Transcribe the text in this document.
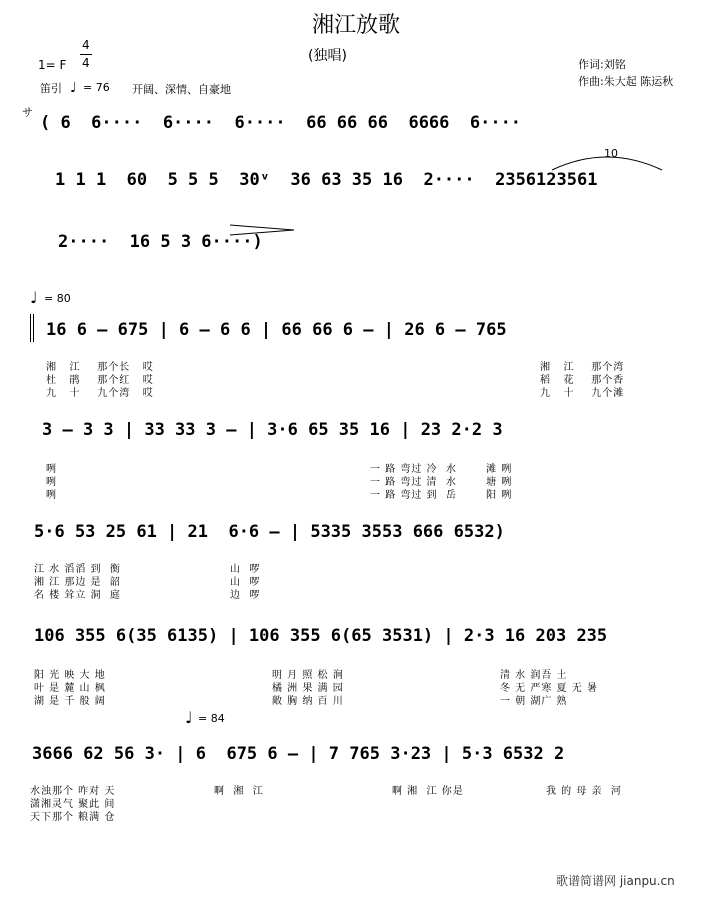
湘江放歌
(独唱)
1= F
4
4	作词:刘铭
作曲:朱大起 陈运秋
笛引 ♩ = 76 开阔、深情、自豪地
サ
( 6  6····  6····  6····  66 66 66  6666  6····
1 1 1  60  5 5 5  30ᵛ  36 63 35 16  2····  2356123561
10
2····  16 5 3 6····)
♩ = 80
16 6 – 675 | 6 – 6 6 | 66 66 6 – | 26 6 – 765
湘   江    那个长   哎	湘   江    那个湾
杜   鹃    那个红   哎	稻   花    那个香
九   十    九个湾   哎	九   十    九个滩
3 – 3 3 | 33 33 3 – | 3·6 65 35 16 | 23 2·2 3
咧	一 路 弯过 冷  水       滩 咧
咧	一 路 弯过 清  水       塘 咧
咧	一 路 弯过 到  岳       阳 咧
5·6 53 25 61 | 21  6·6 – | 5335 3553 666 6532)
江 水 滔滔 到  衡	山  啰
湘 江 那边 是  韶	山  啰
名 楼 耸立 洞  庭	边  啰
106 355 6(35 6135) | 106 355 6(65 3531) | 2·3 16 203 235
阳 光 映 大 地	明 月 照 松 涧	清 水 润吾 土
叶 是 麓 山 枫	橘 洲 果 满 园	冬 无 严寒 夏 无 暑
湖 是 千 般 阔	敞 胸 纳 百 川	一 朝 湖广 熟
♩ = 84
3666 62 56 3· | 6  675 6 – | 7 765 3·23 | 5·3 6532 2
水浊那个 咋对 天	啊  湘  江	啊 湘  江 你是	我 的 母 亲  河
潇湘灵气 聚此 间
天下那个 粮满 仓
歌谱简谱网 jianpu.cn
